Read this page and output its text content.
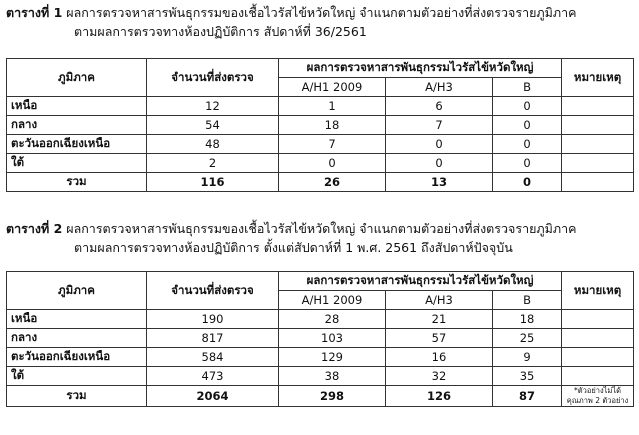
ตารางที่ 1 ผลการตรวจหาสารพันธุกรรมของเชื้อไวรัสไข้หวัดใหญ่ จำแนกตามตัวอย่างที่ส่งตรวจรายภูมิภาค
ตามผลการตรวจทางห้องปฏิบัติการ สัปดาห์ที่ 36/2561
ภูมิภาค	จำนวนที่ส่งตรวจ	ผลการตรวจหาสารพันธุกรรมไวรัสไข้หวัดใหญ่			หมายเหตุ
		A/H1 2009	A/H3	B	
เหนือ	12	1	6	0	
กลาง	54	18	7	0	
ตะวันออกเฉียงเหนือ	48	7	0	0	
ใต้	2	0	0	0	
รวม	116	26	13	0	
ตารางที่ 2 ผลการตรวจหาสารพันธุกรรมของเชื้อไวรัสไข้หวัดใหญ่ จำแนกตามตัวอย่างที่ส่งตรวจรายภูมิภาค
ตามผลการตรวจทางห้องปฏิบัติการ ตั้งแต่สัปดาห์ที่ 1 พ.ศ. 2561 ถึงสัปดาห์ปัจจุบัน
ภูมิภาค	จำนวนที่ส่งตรวจ	ผลการตรวจหาสารพันธุกรรมไวรัสไข้หวัดใหญ่			หมายเหตุ
		A/H1 2009	A/H3	B	
เหนือ	190	28	21	18	
กลาง	817	103	57	25	
ตะวันออกเฉียงเหนือ	584	129	16	9	
ใต้	473	38	32	35	
รวม	2064	298	126	87	*ตัวอย่างไม่ได้คุณภาพ 2 ตัวอย่าง
